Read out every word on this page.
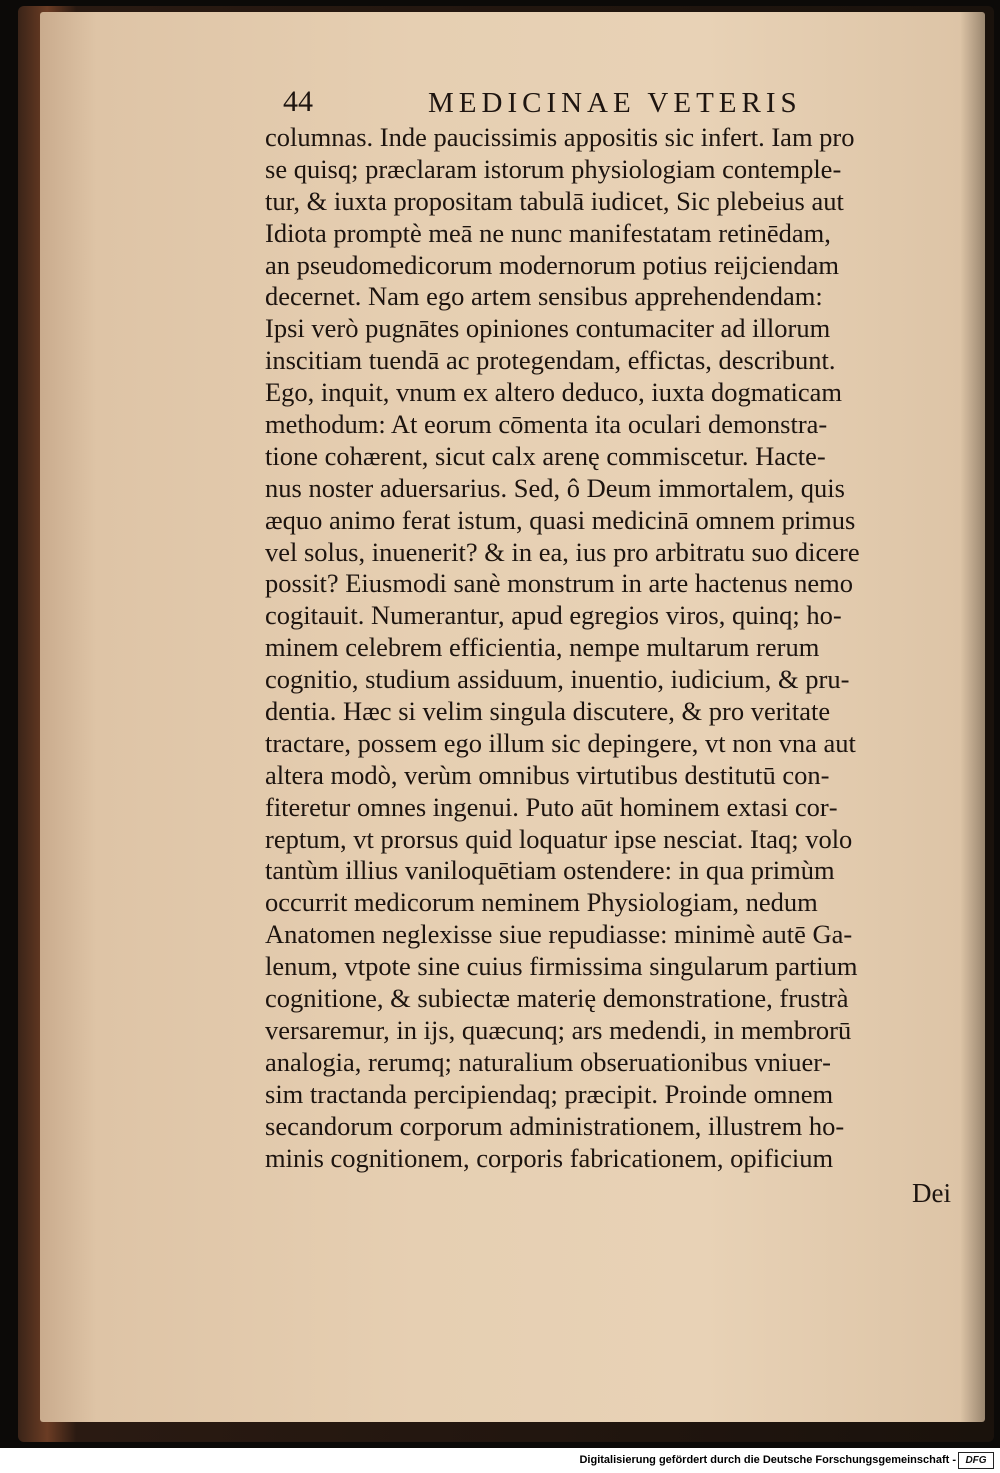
44	MEDICINAE VETERIS
columnas. Inde paucissimis appositis sic infert. Iam pro
se quisq; præclaram istorum physiologiam contemple‑
tur, & iuxta propositam tabulā iudicet, Sic plebeius aut
Idiota promptè meā ne nunc manifestatam retinēdam,
an pseudomedicorum modernorum potius reijciendam
decernet. Nam ego artem sensibus apprehendendam:
Ipsi verò pugnātes opiniones contumaciter ad illorum
inscitiam tuendā ac protegendam, effictas, describunt.
Ego, inquit, vnum ex altero deduco, iuxta dogmaticam
methodum: At eorum cōmenta ita oculari demonstra‑
tione cohærent, sicut calx arenę commiscetur. Hacte‑
nus noster aduersarius. Sed, ô Deum immortalem, quis
æquo animo ferat istum, quasi medicinā omnem primus
vel solus, inuenerit? & in ea, ius pro arbitratu suo dicere
possit? Eiusmodi sanè monstrum in arte hactenus nemo
cogitauit. Numerantur, apud egregios viros, quinq; ho‑
minem celebrem efficientia, nempe multarum rerum
cognitio, studium assiduum, inuentio, iudicium, & pru‑
dentia. Hæc si velim singula discutere, & pro veritate
tractare, possem ego illum sic depingere, vt non vna aut
altera modò, verùm omnibus virtutibus destitutū con‑
fiteretur omnes ingenui. Puto aūt hominem extasi cor‑
reptum, vt prorsus quid loquatur ipse nesciat. Itaq; volo
tantùm illius vaniloquētiam ostendere: in qua primùm
occurrit medicorum neminem Physiologiam, nedum
Anatomen neglexisse siue repudiasse: minimè autē Ga‑
lenum, vtpote sine cuius firmissima singularum partium
cognitione, & subiectæ materię demonstratione, frustrà
versaremur, in ijs, quæcunq; ars medendi, in membrorū
analogia, rerumq; naturalium obseruationibus vniuer‑
sim tractanda percipiendaq; præcipit. Proinde omnem
secandorum corporum administrationem, illustrem ho‑
minis cognitionem, corporis fabricationem, opificium
Dei
Digitalisierung gefördert durch die Deutsche Forschungsgemeinschaft - DFG
